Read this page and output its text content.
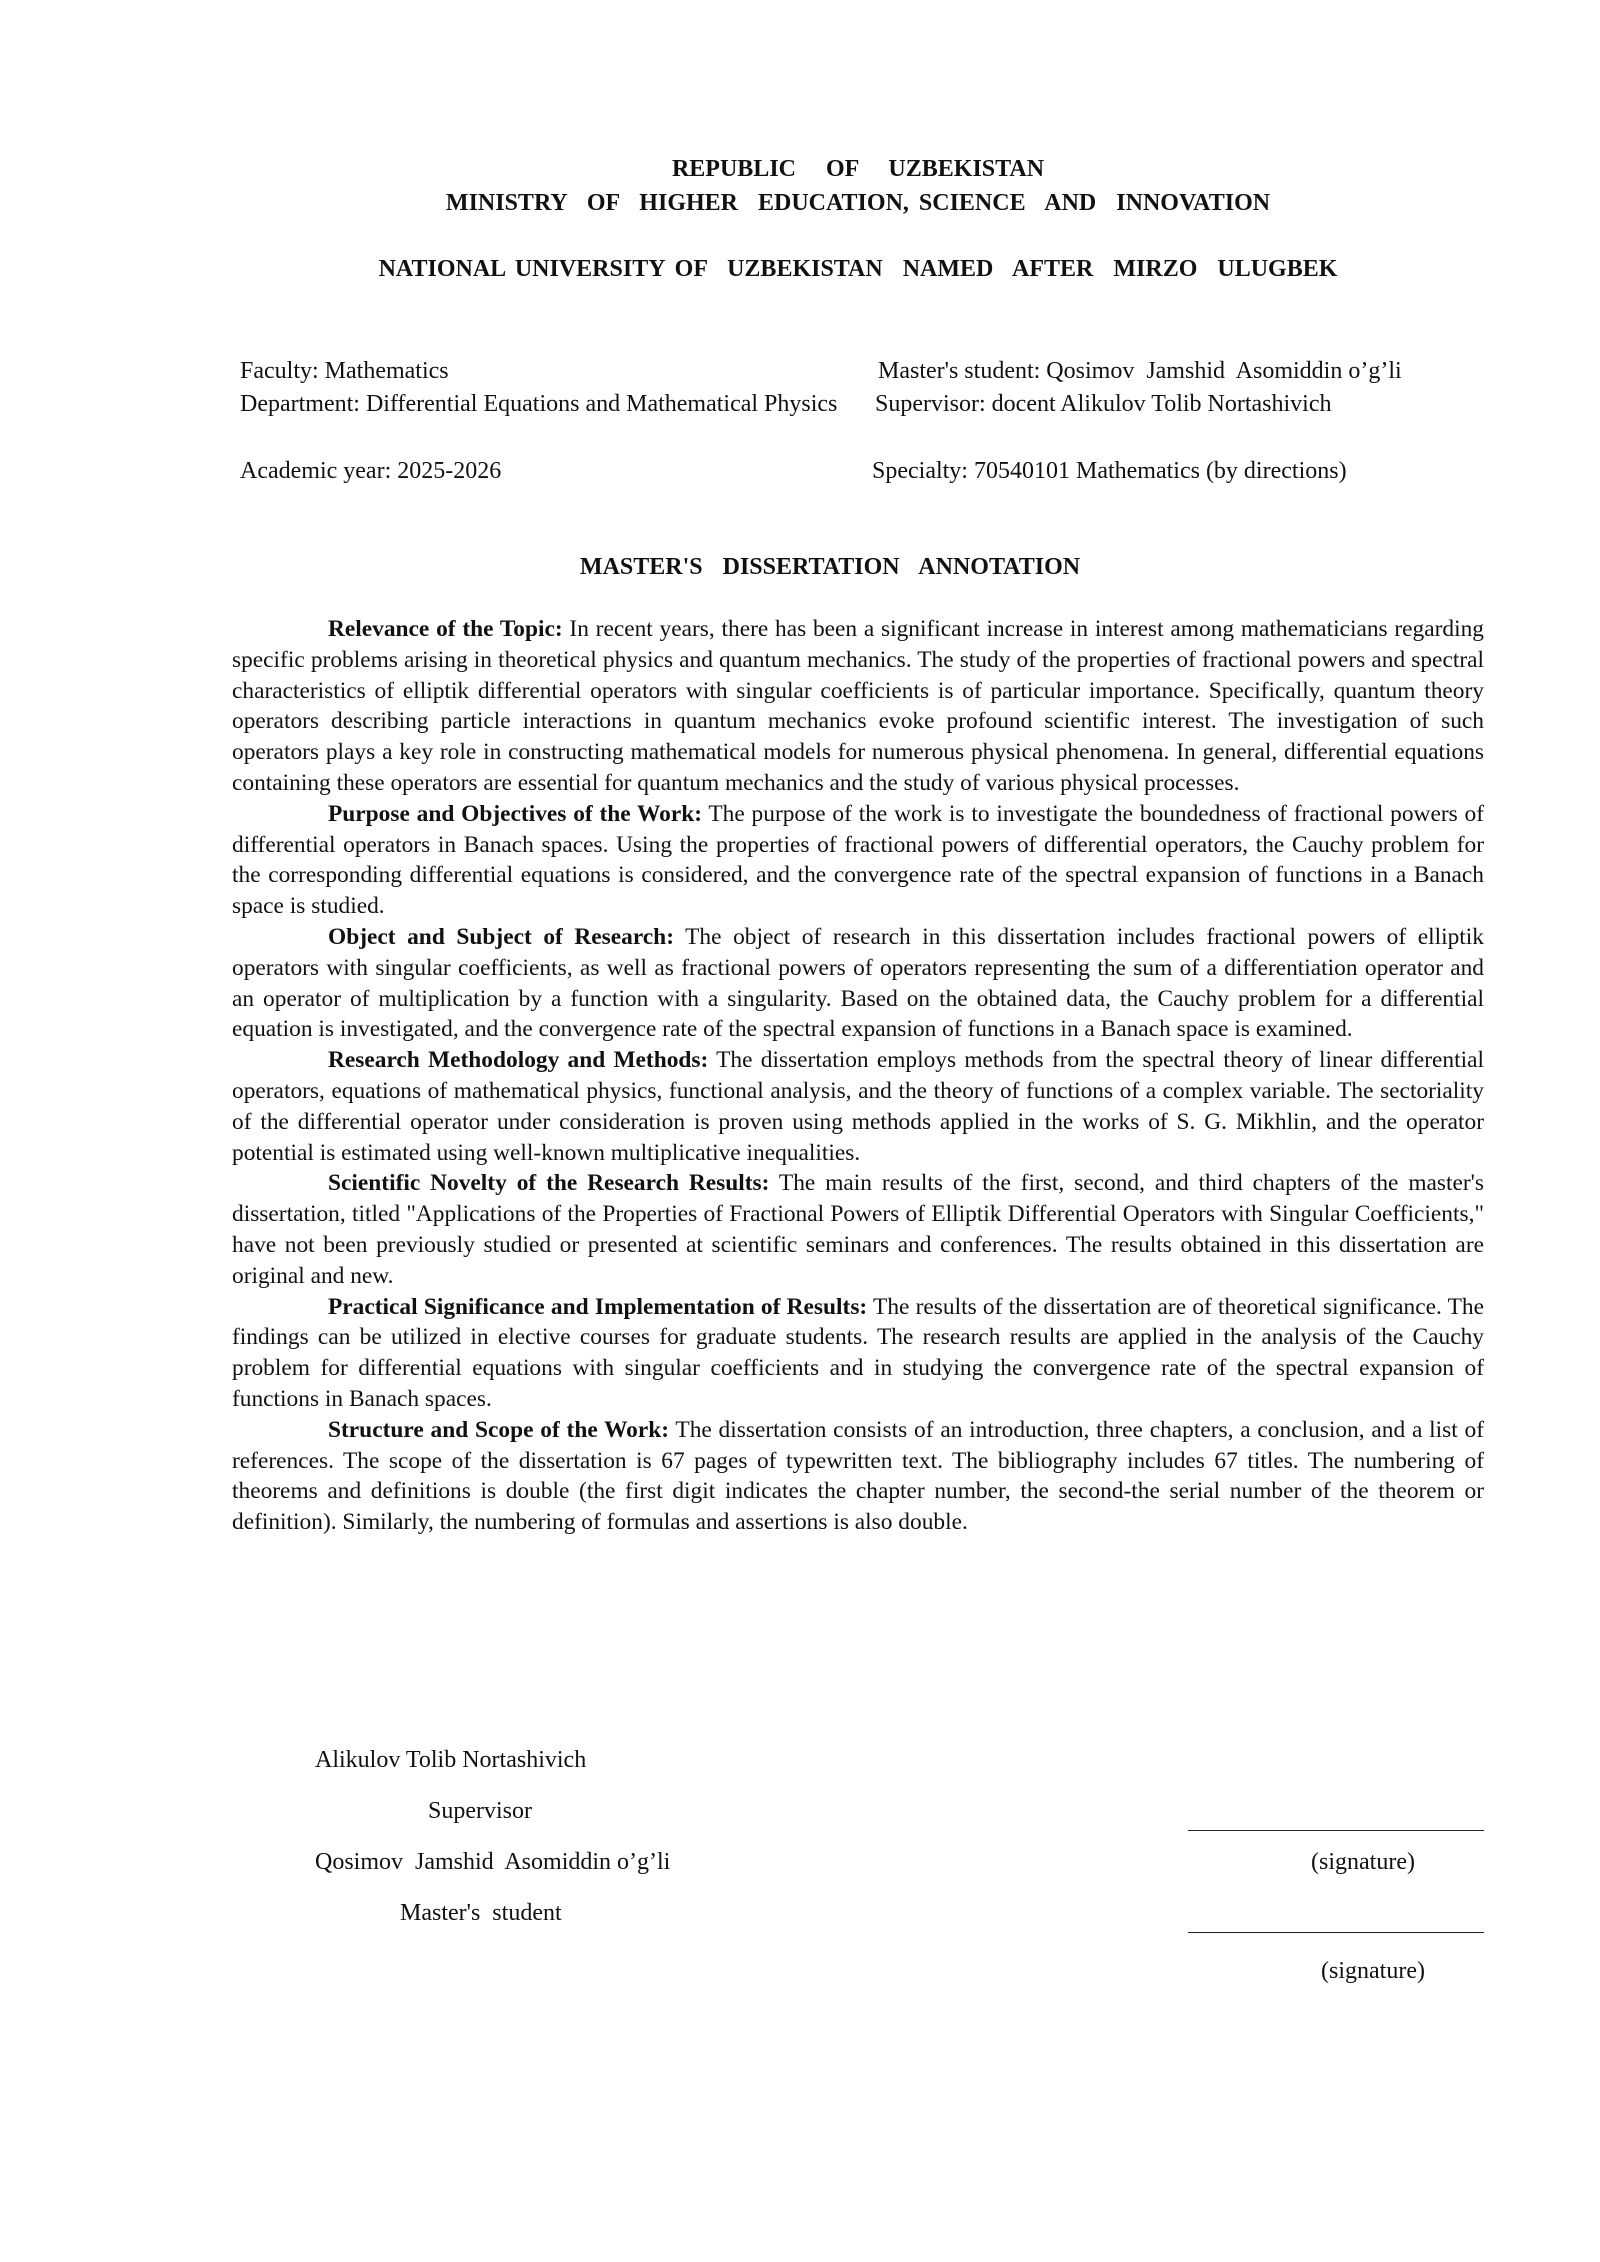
REPUBLIC   OF   UZBEKISTAN
MINISTRY  OF  HIGHER  EDUCATION, SCIENCE  AND  INNOVATION
NATIONAL UNIVERSITY OF  UZBEKISTAN  NAMED  AFTER  MIRZO  ULUGBEK
Faculty: Mathematics
Department: Differential Equations and Mathematical Physics
Academic year: 2025-2026
Master's student: Qosimov  Jamshid  Asomiddin o’g’li
Supervisor: docent Alikulov Tolib Nortashivich
Specialty: 70540101 Mathematics (by directions)
MASTER'S  DISSERTATION  ANNOTATION

Relevance of the Topic: In recent years, there has been a significant increase in interest among mathematicians regarding specific problems arising in theoretical physics and quantum mechanics. The study of the properties of fractional powers and spectral characteristics of elliptik differential operators with singular coefficients is of particular importance. Specifically, quantum theory operators describing particle interactions in quantum mechanics evoke profound scientific interest. The investigation of such operators plays a key role in constructing mathematical models for numerous physical phenomena. In general, differential equations containing these operators are essential for quantum mechanics and the study of various physical processes.

Purpose and Objectives of the Work: The purpose of the work is to investigate the boundedness of fractional powers of differential operators in Banach spaces. Using the properties of fractional powers of differential operators, the Cauchy problem for the corresponding differential equations is considered, and the convergence rate of the spectral expansion of functions in a Banach space is studied.

Object and Subject of Research: The object of research in this dissertation includes fractional powers of elliptik operators with singular coefficients, as well as fractional powers of operators representing the sum of a differentiation operator and an operator of multiplication by a function with a singularity. Based on the obtained data, the Cauchy problem for a differential equation is investigated, and the convergence rate of the spectral expansion of functions in a Banach space is examined.

Research Methodology and Methods: The dissertation employs methods from the spectral theory of linear differential operators, equations of mathematical physics, functional analysis, and the theory of functions of a complex variable. The sectoriality of the differential operator under consideration is proven using methods applied in the works of S. G. Mikhlin, and the operator potential is estimated using well-known multiplicative inequalities.

Scientific Novelty of the Research Results: The main results of the first, second, and third chapters of the master's dissertation, titled "Applications of the Properties of Fractional Powers of Elliptik Differential Operators with Singular Coefficients," have not been previously studied or presented at scientific seminars and conferences. The results obtained in this dissertation are original and new.

Practical Significance and Implementation of Results: The results of the dissertation are of theoretical significance. The findings can be utilized in elective courses for graduate students. The research results are applied in the analysis of the Cauchy problem for differential equations with singular coefficients and in studying the convergence rate of the spectral expansion of functions in Banach spaces.

Structure and Scope of the Work: The dissertation consists of an introduction, three chapters, a conclusion, and a list of references. The scope of the dissertation is 67 pages of typewritten text. The bibliography includes 67 titles. The numbering of theorems and definitions is double (the first digit indicates the chapter number, the second-the serial number of the theorem or definition). Similarly, the numbering of formulas and assertions is also double.

Alikulov Tolib Nortashivich
Supervisor
Qosimov  Jamshid  Asomiddin o’g’li	(signature)
Master's  student
(signature)
